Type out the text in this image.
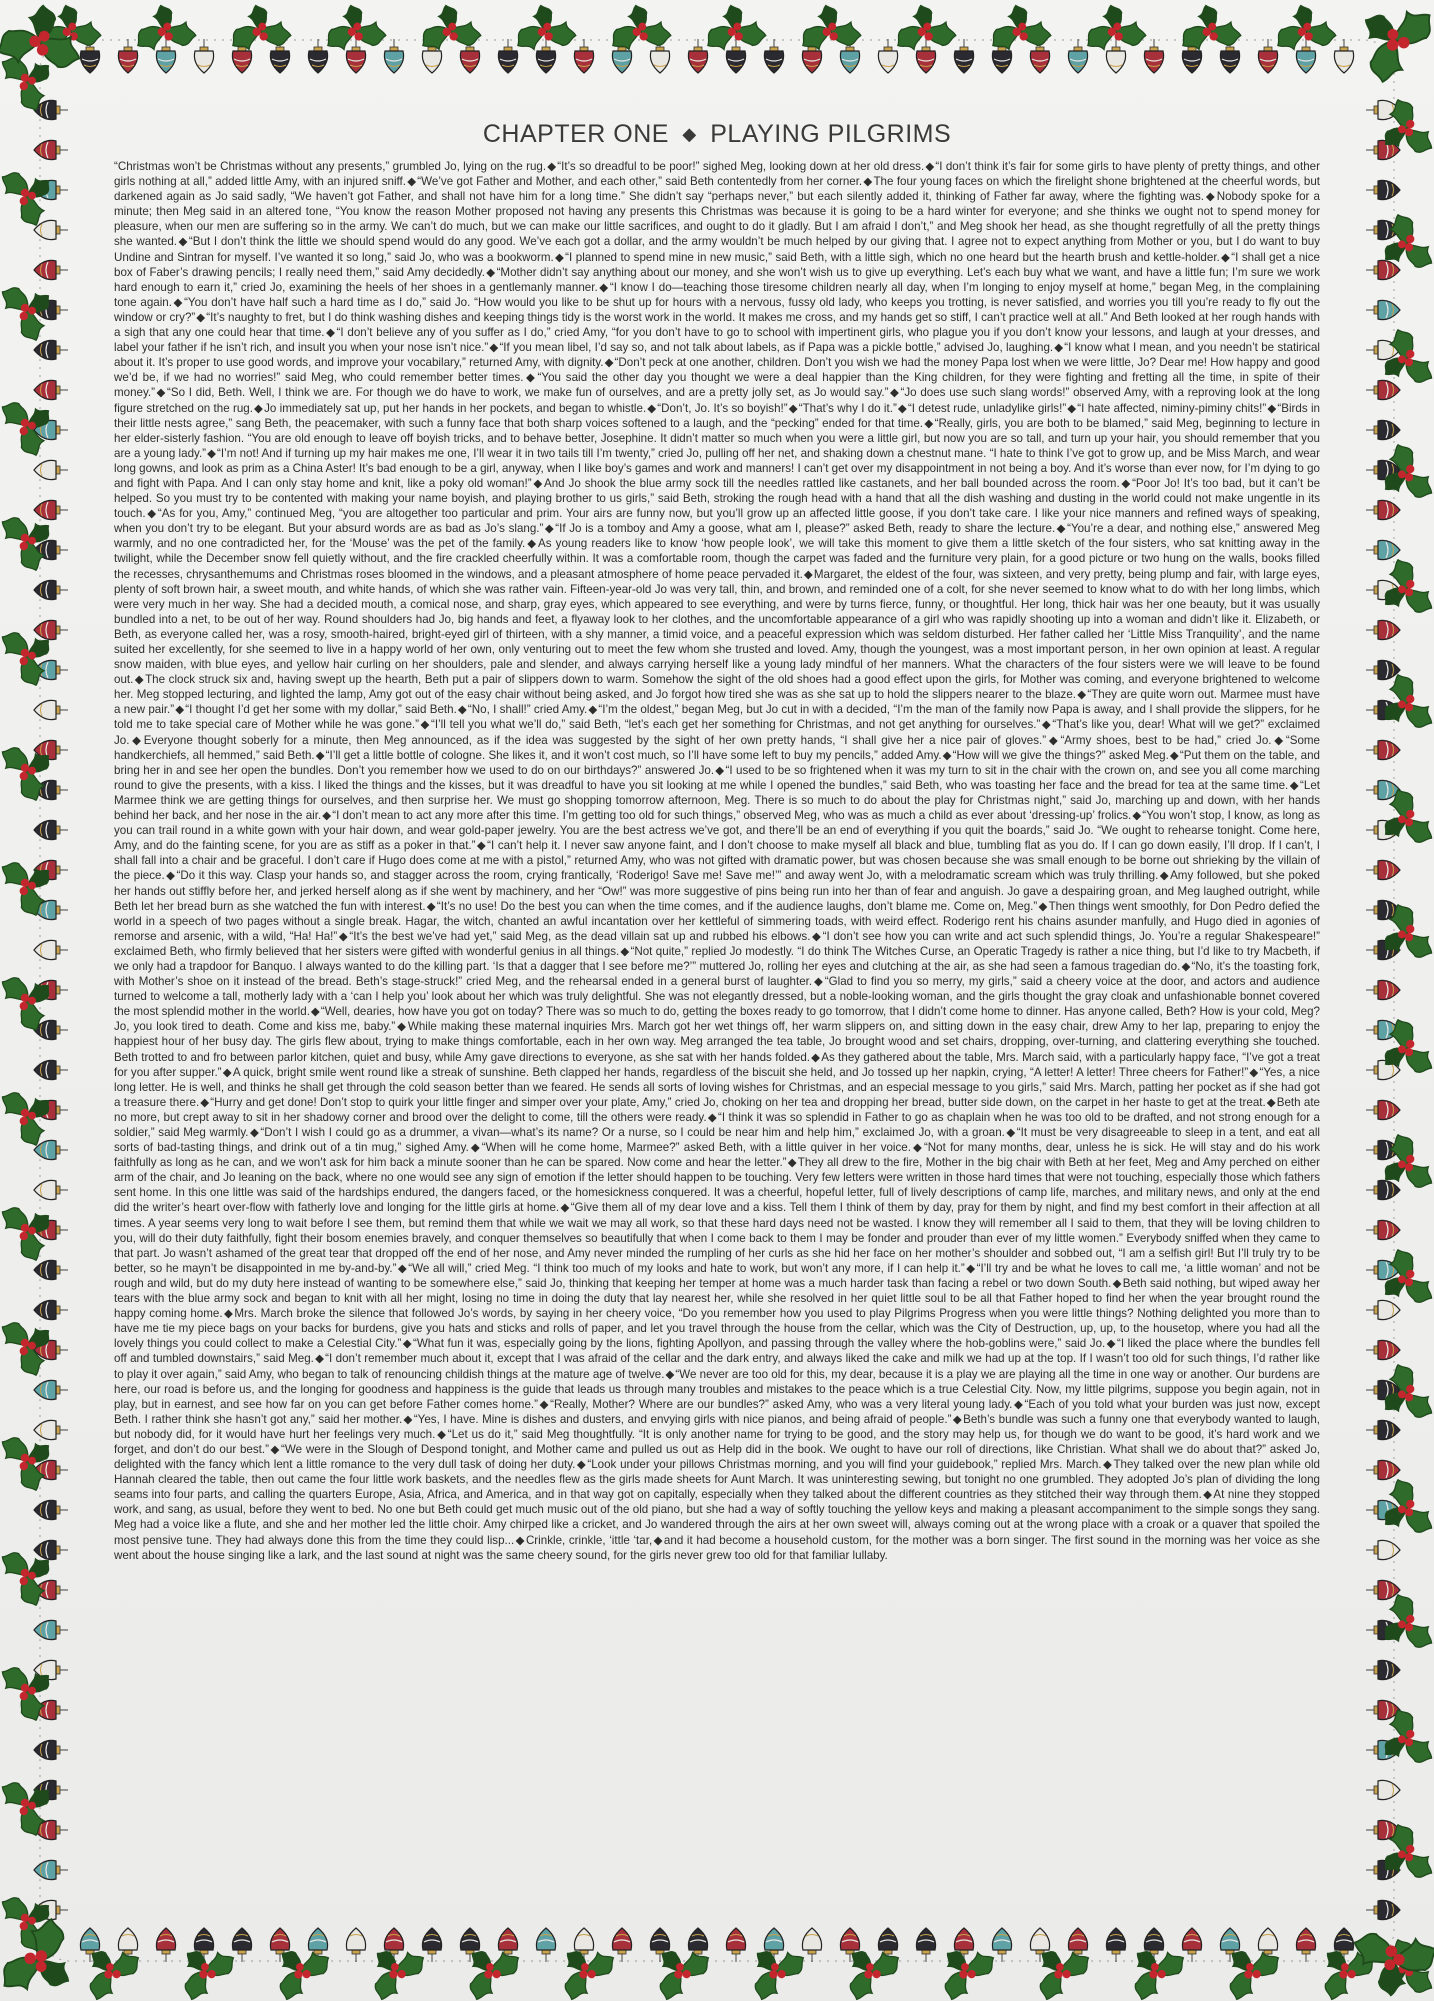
CHAPTER ONE ◆ PLAYING PILGRIMS

“Christmas won’t be Christmas without any presents,” grumbled Jo, lying on the rug.◆“It’s so dreadful to be poor!” sighed Meg, looking down at her old dress.◆“I don’t think it’s fair for some girls to have plenty of pretty things, and other girls nothing at all,” added little Amy, with an injured sniff.◆“We’ve got Father and Mother, and each other,” said Beth contentedly from her corner.◆The four young faces on which the firelight shone brightened at the cheerful words, but darkened again as Jo said sadly, “We haven’t got Father, and shall not have him for a long time.” She didn’t say “perhaps never,” but each silently added it, thinking of Father far away, where the fighting was.◆Nobody spoke for a minute; then Meg said in an altered tone, “You know the reason Mother proposed not having any presents this Christmas was because it is going to be a hard winter for everyone; and she thinks we ought not to spend money for pleasure, when our men are suffering so in the army. We can’t do much, but we can make our little sacrifices, and ought to do it gladly. But I am afraid I don’t,” and Meg shook her head, as she thought regretfully of all the pretty things she wanted.◆“But I don’t think the little we should spend would do any good. We’ve each got a dollar, and the army wouldn’t be much helped by our giving that. I agree not to expect anything from Mother or you, but I do want to buy Undine and Sintran for myself. I’ve wanted it so long,” said Jo, who was a bookworm.◆“I planned to spend mine in new music,” said Beth, with a little sigh, which no one heard but the hearth brush and kettle-holder.◆“I shall get a nice box of Faber’s drawing pencils; I really need them,” said Amy decidedly.◆“Mother didn’t say anything about our money, and she won’t wish us to give up everything. Let’s each buy what we want, and have a little fun; I’m sure we work hard enough to earn it,” cried Jo, examining the heels of her shoes in a gentlemanly manner.◆“I know I do—teaching those tiresome children nearly all day, when I’m longing to enjoy myself at home,” began Meg, in the complaining tone again.◆“You don’t have half such a hard time as I do,” said Jo. “How would you like to be shut up for hours with a nervous, fussy old lady, who keeps you trotting, is never satisfied, and worries you till you’re ready to fly out the window or cry?”◆“It’s naughty to fret, but I do think washing dishes and keeping things tidy is the worst work in the world. It makes me cross, and my hands get so stiff, I can’t practice well at all.” And Beth looked at her rough hands with a sigh that any one could hear that time.◆“I don’t believe any of you suffer as I do,” cried Amy, “for you don’t have to go to school with impertinent girls, who plague you if you don’t know your lessons, and laugh at your dresses, and label your father if he isn’t rich, and insult you when your nose isn’t nice.”◆“If you mean libel, I’d say so, and not talk about labels, as if Papa was a pickle bottle,” advised Jo, laughing.◆“I know what I mean, and you needn’t be statirical about it. It’s proper to use good words, and improve your vocabilary,” returned Amy, with dignity.◆“Don’t peck at one another, children. Don’t you wish we had the money Papa lost when we were little, Jo? Dear me! How happy and good we’d be, if we had no worries!” said Meg, who could remember better times.◆“You said the other day you thought we were a deal happier than the King children, for they were fighting and fretting all the time, in spite of their money.”◆“So I did, Beth. Well, I think we are. For though we do have to work, we make fun of ourselves, and are a pretty jolly set, as Jo would say.”◆“Jo does use such slang words!” observed Amy, with a reproving look at the long figure stretched on the rug.◆Jo immediately sat up, put her hands in her pockets, and began to whistle.◆“Don’t, Jo. It’s so boyish!”◆“That’s why I do it.”◆“I detest rude, unladylike girls!”◆“I hate affected, niminy-piminy chits!”◆“Birds in their little nests agree,” sang Beth, the peacemaker, with such a funny face that both sharp voices softened to a laugh, and the “pecking” ended for that time.◆“Really, girls, you are both to be blamed,” said Meg, beginning to lecture in her elder-sisterly fashion. “You are old enough to leave off boyish tricks, and to behave better, Josephine. It didn’t matter so much when you were a little girl, but now you are so tall, and turn up your hair, you should remember that you are a young lady.”◆“I’m not! And if turning up my hair makes me one, I’ll wear it in two tails till I’m twenty,” cried Jo, pulling off her net, and shaking down a chestnut mane. “I hate to think I’ve got to grow up, and be Miss March, and wear long gowns, and look as prim as a China Aster! It’s bad enough to be a girl, anyway, when I like boy’s games and work and manners! I can’t get over my disappointment in not being a boy. And it’s worse than ever now, for I’m dying to go and fight with Papa. And I can only stay home and knit, like a poky old woman!”◆And Jo shook the blue army sock till the needles rattled like castanets, and her ball bounded across the room.◆“Poor Jo! It’s too bad, but it can’t be helped. So you must try to be contented with making your name boyish, and playing brother to us girls,” said Beth, stroking the rough head with a hand that all the dish washing and dusting in the world could not make ungentle in its touch.◆“As for you, Amy,” continued Meg, “you are altogether too particular and prim. Your airs are funny now, but you’ll grow up an affected little goose, if you don’t take care. I like your nice manners and refined ways of speaking, when you don’t try to be elegant. But your absurd words are as bad as Jo’s slang.”◆“If Jo is a tomboy and Amy a goose, what am I, please?” asked Beth, ready to share the lecture.◆“You’re a dear, and nothing else,” answered Meg warmly, and no one contradicted her, for the ‘Mouse’ was the pet of the family.◆As young readers like to know ‘how people look’, we will take this moment to give them a little sketch of the four sisters, who sat knitting away in the twilight, while the December snow fell quietly without, and the fire crackled cheerfully within. It was a comfortable room, though the carpet was faded and the furniture very plain, for a good picture or two hung on the walls, books filled the recesses, chrysanthemums and Christmas roses bloomed in the windows, and a pleasant atmosphere of home peace pervaded it.◆Margaret, the eldest of the four, was sixteen, and very pretty, being plump and fair, with large eyes, plenty of soft brown hair, a sweet mouth, and white hands, of which she was rather vain. Fifteen-year-old Jo was very tall, thin, and brown, and reminded one of a colt, for she never seemed to know what to do with her long limbs, which were very much in her way. She had a decided mouth, a comical nose, and sharp, gray eyes, which appeared to see everything, and were by turns fierce, funny, or thoughtful. Her long, thick hair was her one beauty, but it was usually bundled into a net, to be out of her way. Round shoulders had Jo, big hands and feet, a flyaway look to her clothes, and the uncomfortable appearance of a girl who was rapidly shooting up into a woman and didn’t like it. Elizabeth, or Beth, as everyone called her, was a rosy, smooth-haired, bright-eyed girl of thirteen, with a shy manner, a timid voice, and a peaceful expression which was seldom disturbed. Her father called her ‘Little Miss Tranquility’, and the name suited her excellently, for she seemed to live in a happy world of her own, only venturing out to meet the few whom she trusted and loved. Amy, though the youngest, was a most important person, in her own opinion at least. A regular snow maiden, with blue eyes, and yellow hair curling on her shoulders, pale and slender, and always carrying herself like a young lady mindful of her manners. What the characters of the four sisters were we will leave to be found out.◆The clock struck six and, having swept up the hearth, Beth put a pair of slippers down to warm. Somehow the sight of the old shoes had a good effect upon the girls, for Mother was coming, and everyone brightened to welcome her. Meg stopped lecturing, and lighted the lamp, Amy got out of the easy chair without being asked, and Jo forgot how tired she was as she sat up to hold the slippers nearer to the blaze.◆“They are quite worn out. Marmee must have a new pair.”◆“I thought I’d get her some with my dollar,” said Beth.◆“No, I shall!” cried Amy.◆“I’m the oldest,” began Meg, but Jo cut in with a decided, “I’m the man of the family now Papa is away, and I shall provide the slippers, for he told me to take special care of Mother while he was gone.”◆“I’ll tell you what we’ll do,” said Beth, “let’s each get her something for Christmas, and not get anything for ourselves.”◆“That’s like you, dear! What will we get?” exclaimed Jo.◆Everyone thought soberly for a minute, then Meg announced, as if the idea was suggested by the sight of her own pretty hands, “I shall give her a nice pair of gloves.”◆“Army shoes, best to be had,” cried Jo.◆“Some handkerchiefs, all hemmed,” said Beth.◆“I’ll get a little bottle of cologne. She likes it, and it won’t cost much, so I’ll have some left to buy my pencils,” added Amy.◆“How will we give the things?” asked Meg.◆“Put them on the table, and bring her in and see her open the bundles. Don’t you remember how we used to do on our birthdays?” answered Jo.◆“I used to be so frightened when it was my turn to sit in the chair with the crown on, and see you all come marching round to give the presents, with a kiss. I liked the things and the kisses, but it was dreadful to have you sit looking at me while I opened the bundles,” said Beth, who was toasting her face and the bread for tea at the same time.◆“Let Marmee think we are getting things for ourselves, and then surprise her. We must go shopping tomorrow afternoon, Meg. There is so much to do about the play for Christmas night,” said Jo, marching up and down, with her hands behind her back, and her nose in the air.◆“I don’t mean to act any more after this time. I’m getting too old for such things,” observed Meg, who was as much a child as ever about ‘dressing-up’ frolics.◆“You won’t stop, I know, as long as you can trail round in a white gown with your hair down, and wear gold-paper jewelry. You are the best actress we’ve got, and there’ll be an end of everything if you quit the boards,” said Jo. “We ought to rehearse tonight. Come here, Amy, and do the fainting scene, for you are as stiff as a poker in that.”◆“I can’t help it. I never saw anyone faint, and I don’t choose to make myself all black and blue, tumbling flat as you do. If I can go down easily, I’ll drop. If I can’t, I shall fall into a chair and be graceful. I don’t care if Hugo does come at me with a pistol,” returned Amy, who was not gifted with dramatic power, but was chosen because she was small enough to be borne out shrieking by the villain of the piece.◆“Do it this way. Clasp your hands so, and stagger across the room, crying frantically, ‘Roderigo! Save me! Save me!’” and away went Jo, with a melodramatic scream which was truly thrilling.◆Amy followed, but she poked her hands out stiffly before her, and jerked herself along as if she went by machinery, and her “Ow!” was more suggestive of pins being run into her than of fear and anguish. Jo gave a despairing groan, and Meg laughed outright, while Beth let her bread burn as she watched the fun with interest.◆“It’s no use! Do the best you can when the time comes, and if the audience laughs, don’t blame me. Come on, Meg.”◆Then things went smoothly, for Don Pedro defied the world in a speech of two pages without a single break. Hagar, the witch, chanted an awful incantation over her kettleful of simmering toads, with weird effect. Roderigo rent his chains asunder manfully, and Hugo died in agonies of remorse and arsenic, with a wild, “Ha! Ha!”◆“It’s the best we’ve had yet,” said Meg, as the dead villain sat up and rubbed his elbows.◆“I don’t see how you can write and act such splendid things, Jo. You’re a regular Shakespeare!” exclaimed Beth, who firmly believed that her sisters were gifted with wonderful genius in all things.◆“Not quite,” replied Jo modestly. “I do think The Witches Curse, an Operatic Tragedy is rather a nice thing, but I’d like to try Macbeth, if we only had a trapdoor for Banquo. I always wanted to do the killing part. ‘Is that a dagger that I see before me?’” muttered Jo, rolling her eyes and clutching at the air, as she had seen a famous tragedian do.◆“No, it’s the toasting fork, with Mother’s shoe on it instead of the bread. Beth’s stage-struck!” cried Meg, and the rehearsal ended in a general burst of laughter.◆“Glad to find you so merry, my girls,” said a cheery voice at the door, and actors and audience turned to welcome a tall, motherly lady with a ‘can I help you’ look about her which was truly delightful. She was not elegantly dressed, but a noble-looking woman, and the girls thought the gray cloak and unfashionable bonnet covered the most splendid mother in the world.◆“Well, dearies, how have you got on today? There was so much to do, getting the boxes ready to go tomorrow, that I didn’t come home to dinner. Has anyone called, Beth? How is your cold, Meg? Jo, you look tired to death. Come and kiss me, baby.”◆While making these maternal inquiries Mrs. March got her wet things off, her warm slippers on, and sitting down in the easy chair, drew Amy to her lap, preparing to enjoy the happiest hour of her busy day. The girls flew about, trying to make things comfortable, each in her own way. Meg arranged the tea table, Jo brought wood and set chairs, dropping, over-turning, and clattering everything she touched. Beth trotted to and fro between parlor kitchen, quiet and busy, while Amy gave directions to everyone, as she sat with her hands folded.◆As they gathered about the table, Mrs. March said, with a particularly happy face, “I’ve got a treat for you after supper.”◆A quick, bright smile went round like a streak of sunshine. Beth clapped her hands, regardless of the biscuit she held, and Jo tossed up her napkin, crying, “A letter! A letter! Three cheers for Father!”◆“Yes, a nice long letter. He is well, and thinks he shall get through the cold season better than we feared. He sends all sorts of loving wishes for Christmas, and an especial message to you girls,” said Mrs. March, patting her pocket as if she had got a treasure there.◆“Hurry and get done! Don’t stop to quirk your little finger and simper over your plate, Amy,” cried Jo, choking on her tea and dropping her bread, butter side down, on the carpet in her haste to get at the treat.◆Beth ate no more, but crept away to sit in her shadowy corner and brood over the delight to come, till the others were ready.◆“I think it was so splendid in Father to go as chaplain when he was too old to be drafted, and not strong enough for a soldier,” said Meg warmly.◆“Don’t I wish I could go as a drummer, a vivan—what’s its name? Or a nurse, so I could be near him and help him,” exclaimed Jo, with a groan.◆“It must be very disagreeable to sleep in a tent, and eat all sorts of bad-tasting things, and drink out of a tin mug,” sighed Amy.◆“When will he come home, Marmee?” asked Beth, with a little quiver in her voice.◆“Not for many months, dear, unless he is sick. He will stay and do his work faithfully as long as he can, and we won’t ask for him back a minute sooner than he can be spared. Now come and hear the letter.”◆They all drew to the fire, Mother in the big chair with Beth at her feet, Meg and Amy perched on either arm of the chair, and Jo leaning on the back, where no one would see any sign of emotion if the letter should happen to be touching. Very few letters were written in those hard times that were not touching, especially those which fathers sent home. In this one little was said of the hardships endured, the dangers faced, or the homesickness conquered. It was a cheerful, hopeful letter, full of lively descriptions of camp life, marches, and military news, and only at the end did the writer’s heart over-flow with fatherly love and longing for the little girls at home.◆“Give them all of my dear love and a kiss. Tell them I think of them by day, pray for them by night, and find my best comfort in their affection at all times. A year seems very long to wait before I see them, but remind them that while we wait we may all work, so that these hard days need not be wasted. I know they will remember all I said to them, that they will be loving children to you, will do their duty faithfully, fight their bosom enemies bravely, and conquer themselves so beautifully that when I come back to them I may be fonder and prouder than ever of my little women.” Everybody sniffed when they came to that part. Jo wasn’t ashamed of the great tear that dropped off the end of her nose, and Amy never minded the rumpling of her curls as she hid her face on her mother’s shoulder and sobbed out, “I am a selfish girl! But I’ll truly try to be better, so he mayn’t be disappointed in me by-and-by.”◆“We all will,” cried Meg. “I think too much of my looks and hate to work, but won’t any more, if I can help it.”◆“I’ll try and be what he loves to call me, ‘a little woman’ and not be rough and wild, but do my duty here instead of wanting to be somewhere else,” said Jo, thinking that keeping her temper at home was a much harder task than facing a rebel or two down South.◆Beth said nothing, but wiped away her tears with the blue army sock and began to knit with all her might, losing no time in doing the duty that lay nearest her, while she resolved in her quiet little soul to be all that Father hoped to find her when the year brought round the happy coming home.◆Mrs. March broke the silence that followed Jo’s words, by saying in her cheery voice, “Do you remember how you used to play Pilgrims Progress when you were little things? Nothing delighted you more than to have me tie my piece bags on your backs for burdens, give you hats and sticks and rolls of paper, and let you travel through the house from the cellar, which was the City of Destruction, up, up, to the housetop, where you had all the lovely things you could collect to make a Celestial City.”◆“What fun it was, especially going by the lions, fighting Apollyon, and passing through the valley where the hob-goblins were,” said Jo.◆“I liked the place where the bundles fell off and tumbled downstairs,” said Meg.◆“I don’t remember much about it, except that I was afraid of the cellar and the dark entry, and always liked the cake and milk we had up at the top. If I wasn’t too old for such things, I’d rather like to play it over again,” said Amy, who began to talk of renouncing childish things at the mature age of twelve.◆“We never are too old for this, my dear, because it is a play we are playing all the time in one way or another. Our burdens are here, our road is before us, and the longing for goodness and happiness is the guide that leads us through many troubles and mistakes to the peace which is a true Celestial City. Now, my little pilgrims, suppose you begin again, not in play, but in earnest, and see how far on you can get before Father comes home.”◆“Really, Mother? Where are our bundles?” asked Amy, who was a very literal young lady.◆“Each of you told what your burden was just now, except Beth. I rather think she hasn’t got any,” said her mother.◆“Yes, I have. Mine is dishes and dusters, and envying girls with nice pianos, and being afraid of people.”◆Beth’s bundle was such a funny one that everybody wanted to laugh, but nobody did, for it would have hurt her feelings very much.◆“Let us do it,” said Meg thoughtfully. “It is only another name for trying to be good, and the story may help us, for though we do want to be good, it’s hard work and we forget, and don’t do our best.”◆“We were in the Slough of Despond tonight, and Mother came and pulled us out as Help did in the book. We ought to have our roll of directions, like Christian. What shall we do about that?” asked Jo, delighted with the fancy which lent a little romance to the very dull task of doing her duty.◆“Look under your pillows Christmas morning, and you will find your guidebook,” replied Mrs. March.◆They talked over the new plan while old Hannah cleared the table, then out came the four little work baskets, and the needles flew as the girls made sheets for Aunt March. It was uninteresting sewing, but tonight no one grumbled. They adopted Jo’s plan of dividing the long seams into four parts, and calling the quarters Europe, Asia, Africa, and America, and in that way got on capitally, especially when they talked about the different countries as they stitched their way through them.◆At nine they stopped work, and sang, as usual, before they went to bed. No one but Beth could get much music out of the old piano, but she had a way of softly touching the yellow keys and making a pleasant accompaniment to the simple songs they sang. Meg had a voice like a flute, and she and her mother led the little choir. Amy chirped like a cricket, and Jo wandered through the airs at her own sweet will, always coming out at the wrong place with a croak or a quaver that spoiled the most pensive tune. They had always done this from the time they could lisp...◆Crinkle, crinkle, ‘ittle ‘tar,◆and it had become a household custom, for the mother was a born singer. The first sound in the morning was her voice as she went about the house singing like a lark, and the last sound at night was the same cheery sound, for the girls never grew too old for that familiar lullaby.
